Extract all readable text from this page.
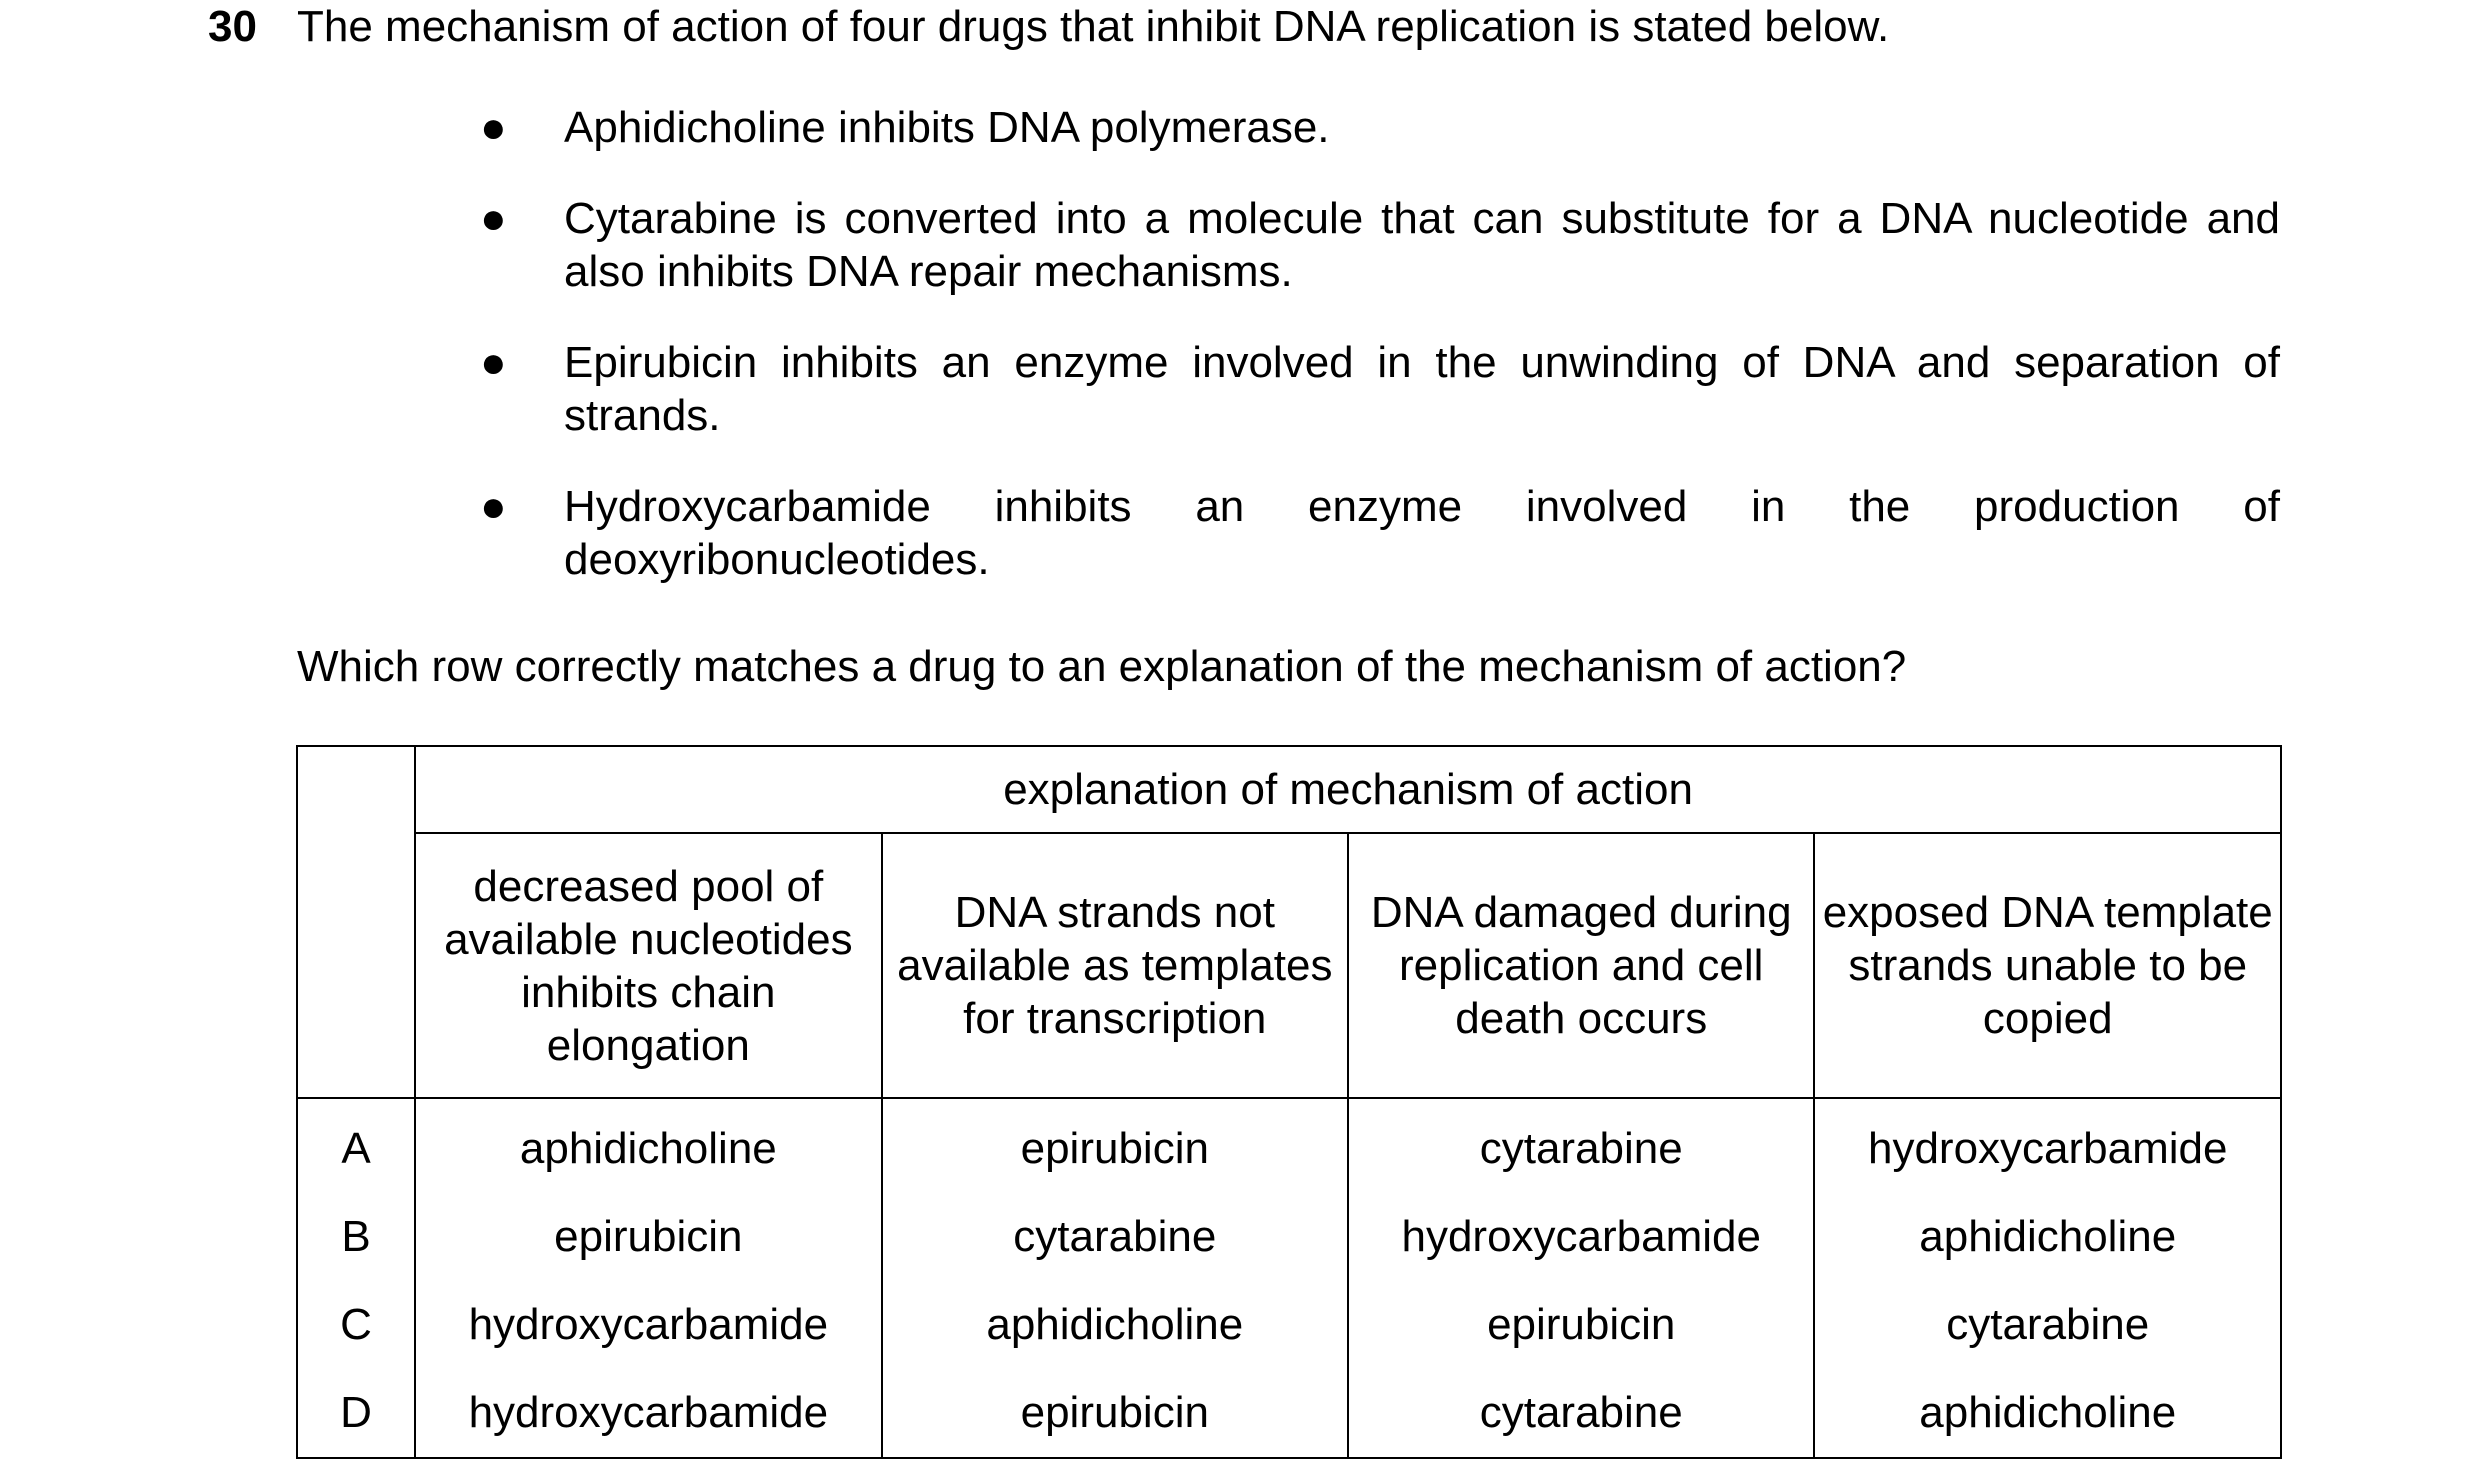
30 The mechanism of action of four drugs that inhibit DNA replication is stated below.
● Aphidicholine inhibits DNA polymerase.
● Cytarabine is converted into a molecule that can substitute for a DNA nucleotide and also inhibits DNA repair mechanisms.
● Epirubicin inhibits an enzyme involved in the unwinding of DNA and separation of strands.
● Hydroxycarbamide inhibits an enzyme involved in the production of deoxyribonucleotides.
Which row correctly matches a drug to an explanation of the mechanism of action?
	explanation of mechanism of action			
	decreased pool of available nucleotides inhibits chain elongation	DNA strands not available as templates for transcription	DNA damaged during replication and cell death occurs	exposed DNA template strands unable to be copied
A	aphidicholine	epirubicin	cytarabine	hydroxycarbamide
B	epirubicin	cytarabine	hydroxycarbamide	aphidicholine
C	hydroxycarbamide	aphidicholine	epirubicin	cytarabine
D	hydroxycarbamide	epirubicin	cytarabine	aphidicholine
